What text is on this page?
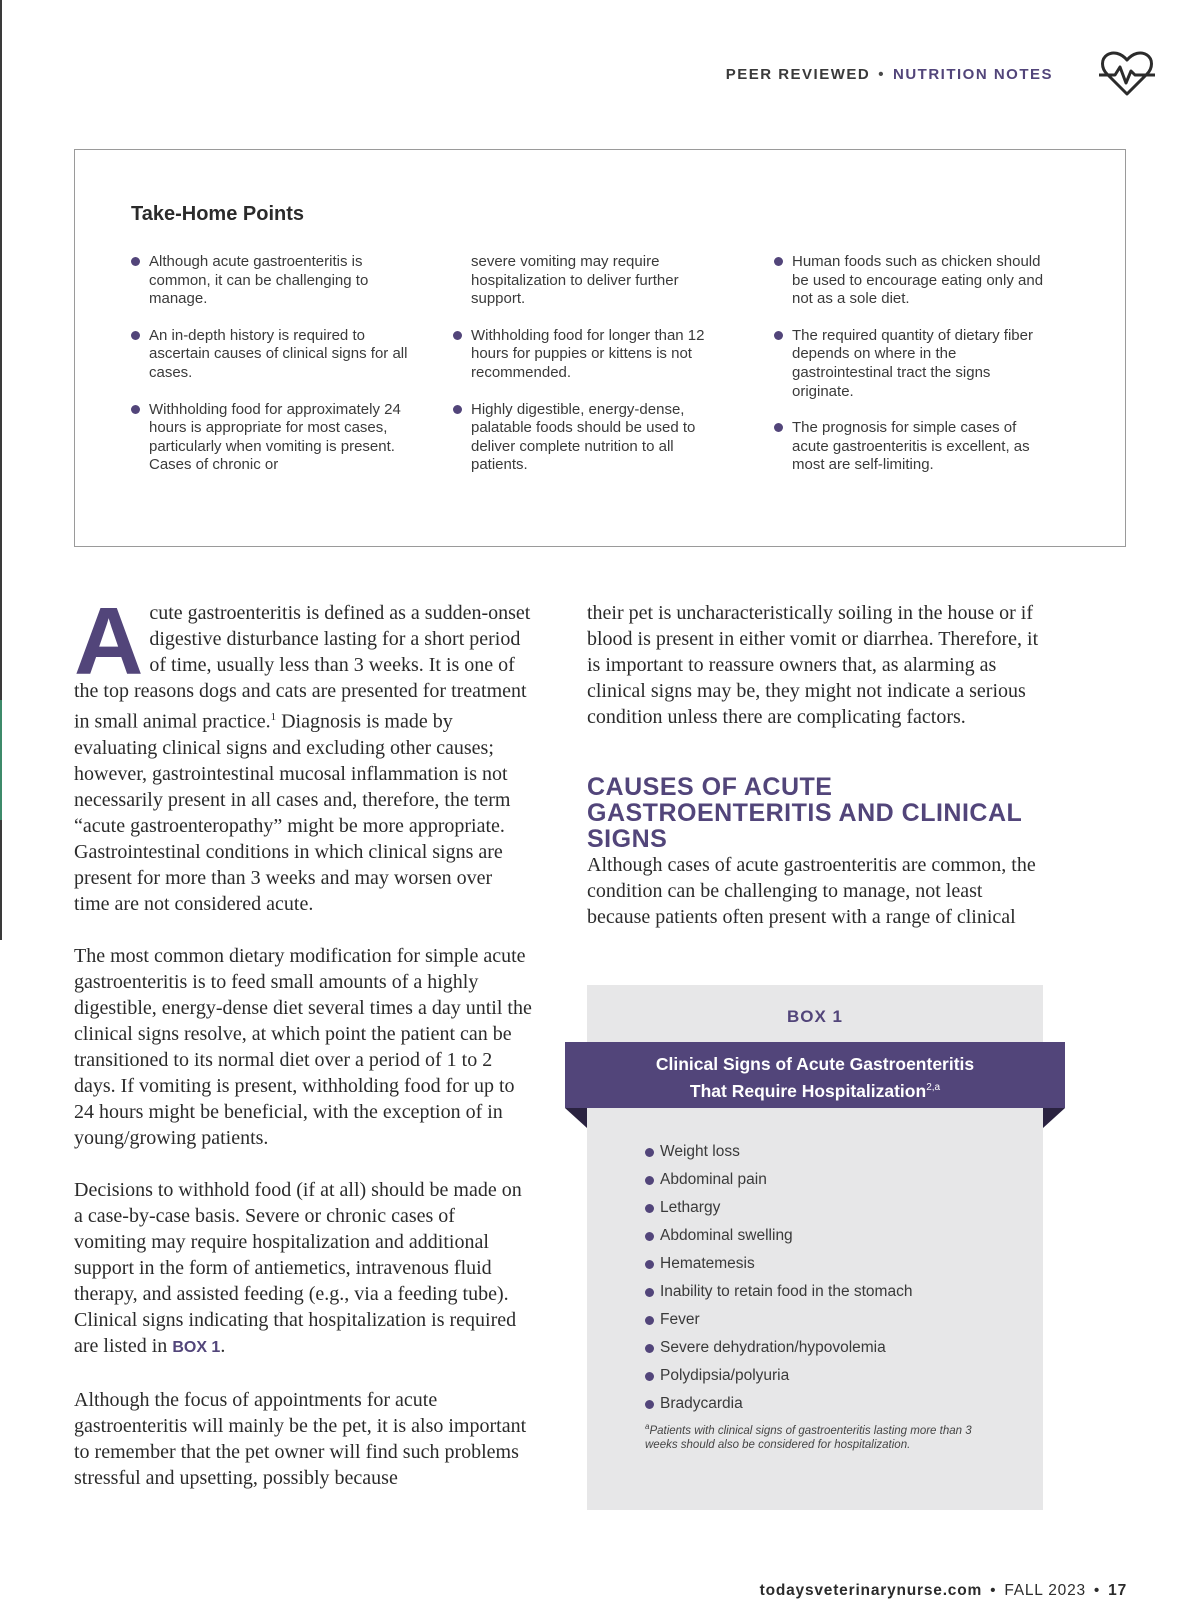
PEER REVIEWED • NUTRITION NOTES
Take-Home Points
Although acute gastroenteritis is common, it can be challenging to manage.
An in-depth history is required to ascertain causes of clinical signs for all cases.
Withholding food for approximately 24 hours is appropriate for most cases, particularly when vomiting is present. Cases of chronic or
severe vomiting may require hospitalization to deliver further support.
Withholding food for longer than 12 hours for puppies or kittens is not recommended.
Highly digestible, energy-dense, palatable foods should be used to deliver complete nutrition to all patients.
Human foods such as chicken should be used to encourage eating only and not as a sole diet.
The required quantity of dietary fiber depends on where in the gastrointestinal tract the signs originate.
The prognosis for simple cases of acute gastroenteritis is excellent, as most are self-limiting.

Acute gastroenteritis is defined as a sudden-onset digestive disturbance lasting for a short period of time, usually less than 3 weeks. It is one of the top reasons dogs and cats are presented for treatment in small animal practice.$^1$ Diagnosis is made by evaluating clinical signs and excluding other causes; however, gastrointestinal mucosal inflammation is not necessarily present in all cases and, therefore, the term “acute gastroenteropathy” might be more appropriate. Gastrointestinal conditions in which clinical signs are present for more than 3 weeks and may worsen over time are not considered acute.

The most common dietary modification for simple acute gastroenteritis is to feed small amounts of a highly digestible, energy-dense diet several times a day until the clinical signs resolve, at which point the patient can be transitioned to its normal diet over a period of 1 to 2 days. If vomiting is present, withholding food for up to 24 hours might be beneficial, with the exception of in young/growing patients.

Decisions to withhold food (if at all) should be made on a case-by-case basis. Severe or chronic cases of vomiting may require hospitalization and additional support in the form of antiemetics, intravenous fluid therapy, and assisted feeding (e.g., via a feeding tube). Clinical signs indicating that hospitalization is required are listed in BOX 1.

Although the focus of appointments for acute gastroenteritis will mainly be the pet, it is also important to remember that the pet owner will find such problems stressful and upsetting, possibly because

their pet is uncharacteristically soiling in the house or if blood is present in either vomit or diarrhea. Therefore, it is important to reassure owners that, as alarming as clinical signs may be, they might not indicate a serious condition unless there are complicating factors.

CAUSES OF ACUTE GASTROENTERITIS AND CLINICAL SIGNS

Although cases of acute gastroenteritis are common, the condition can be challenging to manage, not least because patients often present with a range of clinical

BOX 1
Clinical Signs of Acute Gastroenteritis
That Require Hospitalization$^{2,a}$
Weight loss
Abdominal pain
Lethargy
Abdominal swelling
Hematemesis
Inability to retain food in the stomach
Fever
Severe dehydration/hypovolemia
Polydipsia/polyuria
Bradycardia
$^a$Patients with clinical signs of gastroenteritis lasting more than 3 weeks should also be considered for hospitalization.
todaysveterinarynurse.com • FALL 2023 • 17
